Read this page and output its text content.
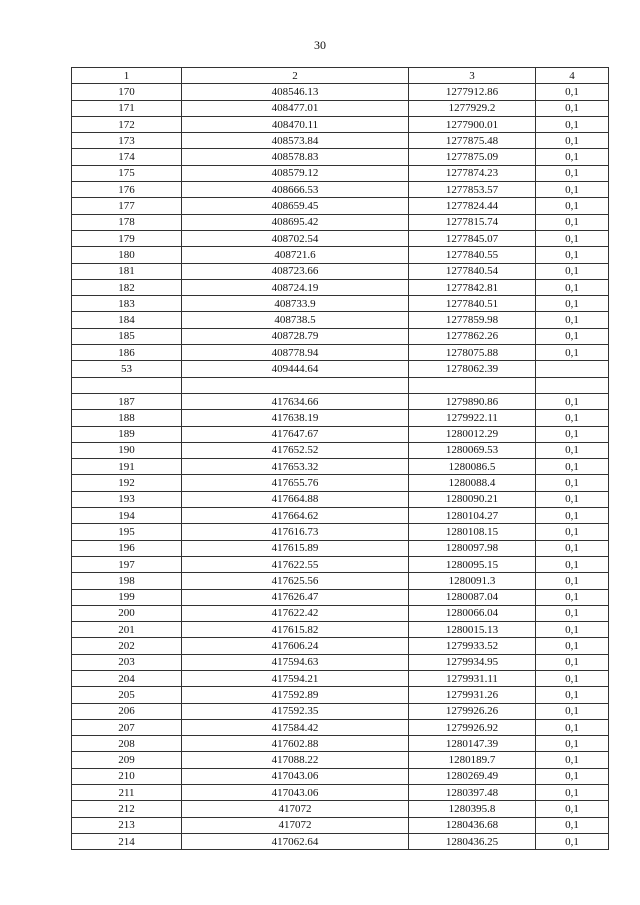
30
1	2	3	4
170	408546.13	1277912.86	0,1
171	408477.01	1277929.2	0,1
172	408470.11	1277900.01	0,1
173	408573.84	1277875.48	0,1
174	408578.83	1277875.09	0,1
175	408579.12	1277874.23	0,1
176	408666.53	1277853.57	0,1
177	408659.45	1277824.44	0,1
178	408695.42	1277815.74	0,1
179	408702.54	1277845.07	0,1
180	408721.6	1277840.55	0,1
181	408723.66	1277840.54	0,1
182	408724.19	1277842.81	0,1
183	408733.9	1277840.51	0,1
184	408738.5	1277859.98	0,1
185	408728.79	1277862.26	0,1
186	408778.94	1278075.88	0,1
53	409444.64	1278062.39	

187	417634.66	1279890.86	0,1
188	417638.19	1279922.11	0,1
189	417647.67	1280012.29	0,1
190	417652.52	1280069.53	0,1
191	417653.32	1280086.5	0,1
192	417655.76	1280088.4	0,1
193	417664.88	1280090.21	0,1
194	417664.62	1280104.27	0,1
195	417616.73	1280108.15	0,1
196	417615.89	1280097.98	0,1
197	417622.55	1280095.15	0,1
198	417625.56	1280091.3	0,1
199	417626.47	1280087.04	0,1
200	417622.42	1280066.04	0,1
201	417615.82	1280015.13	0,1
202	417606.24	1279933.52	0,1
203	417594.63	1279934.95	0,1
204	417594.21	1279931.11	0,1
205	417592.89	1279931.26	0,1
206	417592.35	1279926.26	0,1
207	417584.42	1279926.92	0,1
208	417602.88	1280147.39	0,1
209	417088.22	1280189.7	0,1
210	417043.06	1280269.49	0,1
211	417043.06	1280397.48	0,1
212	417072	1280395.8	0,1
213	417072	1280436.68	0,1
214	417062.64	1280436.25	0,1
